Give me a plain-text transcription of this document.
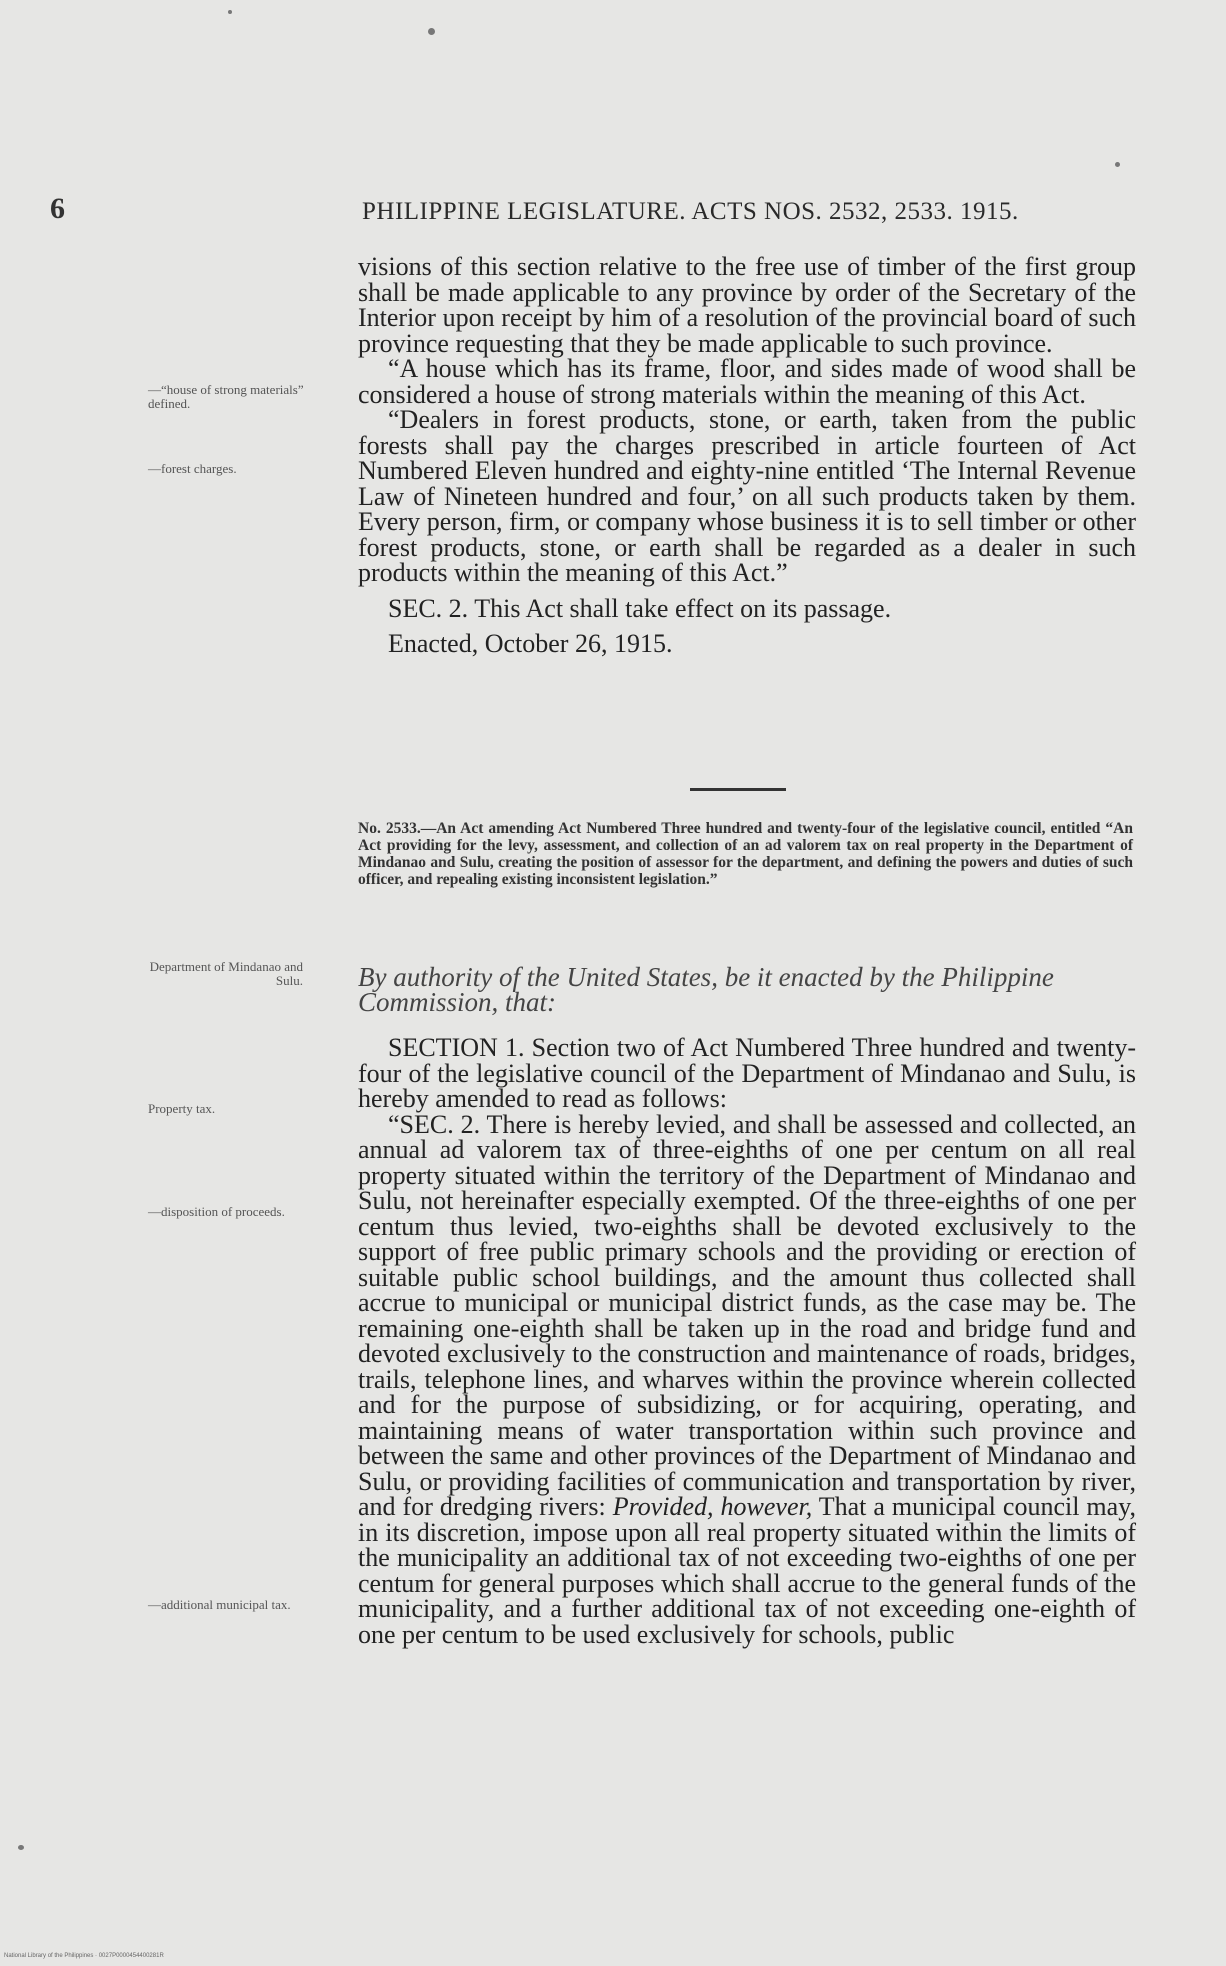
6	PHILIPPINE LEGISLATURE. ACTS NOS. 2532, 2533. 1915.

visions of this section relative to the free use of timber of the first group shall be made applicable to any province by order of the Secretary of the Interior upon receipt by him of a resolution of the provincial board of such province requesting that they be made applicable to such province.

“A house which has its frame, floor, and sides made of wood shall be considered a house of strong materials within the meaning of this Act.

“Dealers in forest products, stone, or earth, taken from the public forests shall pay the charges prescribed in article fourteen of Act Numbered Eleven hundred and eighty-nine entitled ‘The Internal Revenue Law of Nineteen hundred and four,’ on all such products taken by them. Every person, firm, or company whose business it is to sell timber or other forest products, stone, or earth shall be regarded as a dealer in such products within the meaning of this Act.”

SEC. 2. This Act shall take effect on its passage.

Enacted, October 26, 1915.

—“house of strong materials” defined.
—forest charges.
Department of Mindanao and Sulu.
Property tax.
—disposition of proceeds.
—additional municipal tax.
No. 2533.—An Act amending Act Numbered Three hundred and twenty-four of the legislative council, entitled “An Act providing for the levy, assessment, and collection of an ad valorem tax on real property in the Department of Mindanao and Sulu, creating the position of assessor for the department, and defining the powers and duties of such officer, and repealing existing inconsistent legislation.”
By authority of the United States, be it enacted by the Philippine Commission, that:

SECTION 1. Section two of Act Numbered Three hundred and twenty-four of the legislative council of the Department of Mindanao and Sulu, is hereby amended to read as follows:

“SEC. 2. There is hereby levied, and shall be assessed and collected, an annual ad valorem tax of three-eighths of one per centum on all real property situated within the territory of the Department of Mindanao and Sulu, not hereinafter especially exempted. Of the three-eighths of one per centum thus levied, two-eighths shall be devoted exclusively to the support of free public primary schools and the providing or erection of suitable public school buildings, and the amount thus collected shall accrue to municipal or municipal district funds, as the case may be. The remaining one-eighth shall be taken up in the road and bridge fund and devoted exclusively to the construction and maintenance of roads, bridges, trails, telephone lines, and wharves within the province wherein collected and for the purpose of subsidizing, or for acquiring, operating, and maintaining means of water transportation within such province and between the same and other provinces of the Department of Mindanao and Sulu, or providing facilities of communication and transportation by river, and for dredging rivers: Provided, however, That a municipal council may, in its discretion, impose upon all real property situated within the limits of the municipality an additional tax of not exceeding two-eighths of one per centum for general purposes which shall accrue to the general funds of the municipality, and a further additional tax of not exceeding one-eighth of one per centum to be used exclusively for schools, public

National Library of the Philippines · 0027P0000454400281R
